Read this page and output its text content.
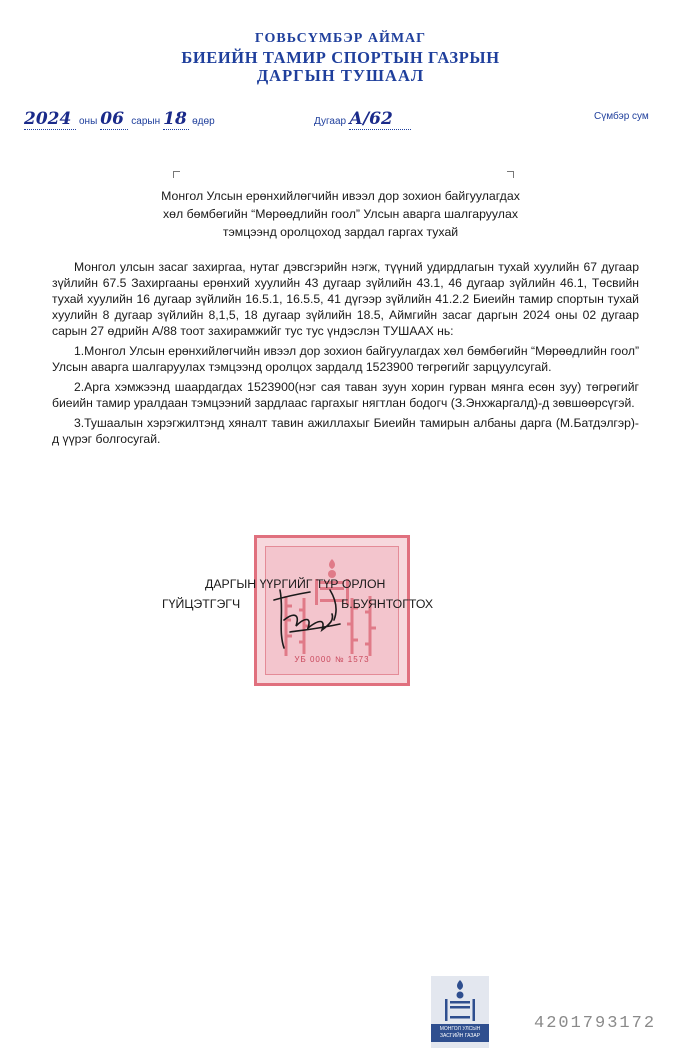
ГОВЬСҮМБЭР АЙМАГ
БИЕИЙН ТАМИР СПОРТЫН ГАЗРЫН
ДАРГЫН ТУШААЛ
2024 оны 06 сарын 18 өдөр	Дугаар А/62	Сүмбэр сум
Монгол Улсын ерөнхийлөгчийн ивээл дор зохион байгуулагдах
хөл бөмбөгийн “Мөрөөдлийн гоол” Улсын аварга шалгаруулах
тэмцээнд оролцоход зардал гаргах тухай

Монгол улсын засаг захиргаа, нутаг дэвсгэрийн нэгж, түүний удирдлагын тухай хуулийн 67 дугаар зүйлийн 67.5 Захиргааны ерөнхий хуулийн 43 дугаар зүйлийн 43.1, 46 дугаар зүйлийн 46.1, Төсвийн тухай хуулийн 16 дугаар зүйлийн 16.5.1, 16.5.5, 41 дүгээр зүйлийн 41.2.2 Биеийн тамир спортын тухай хуулийн 8 дугаар зүйлийн 8,1,5, 18 дугаар зүйлийн 18.5, Аймгийн засаг даргын 2024 оны 02 дугаар сарын 27 өдрийн А/88 тоот захирамжийг тус тус үндэслэн ТУШААХ нь:

1.Монгол Улсын ерөнхийлөгчийн ивээл дор зохион байгуулагдах хөл бөмбөгийн “Мөрөөдлийн гоол” Улсын аварга шалгаруулах тэмцээнд оролцох зардалд 1523900 төгрөгийг зарцуулсугай.

2.Арга хэмжээнд шаардагдах 1523900(нэг сая таван зуун хорин гурван мянга есөн зуу) төгрөгийг биеийн тамир уралдаан тэмцээний зардлаас гаргахыг нягтлан бодогч (З.Энхжаргалд)-д зөвшөөрсүгэй.

3.Тушаалын хэрэгжилтэнд хяналт тавин ажиллахыг Биеийн тамирын албаны дарга (М.Батдэлгэр)-д үүрэг болгосугай.

УБ 0000 № 1573
ДАРГЫН ҮҮРГИЙГ ТҮР ОРЛОН
ГҮЙЦЭТГЭГЧ	Б.БУЯНТОГТОХ
МОНГОЛ УЛСЫН
ЗАСГИЙН ГАЗАР
4201793172
